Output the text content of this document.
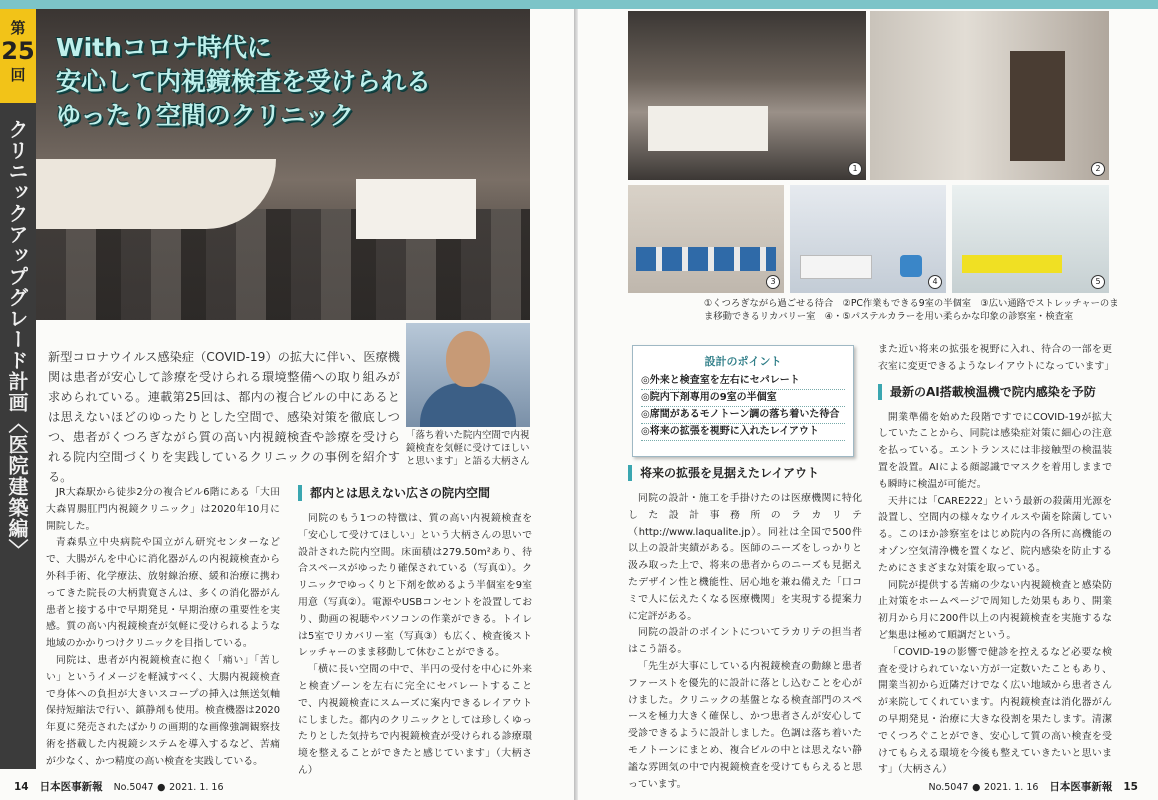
第
25
回
クリニックアップグレード計画〈医院建築編〉
Withコロナ時代に
安心して内視鏡検査を受けられる
ゆったり空間のクリニック
「落ち着いた院内空間で内視鏡検査を気軽に受けてほしいと思います」と語る大柄さん
新型コロナウイルス感染症（COVID-19）の拡大に伴い、医療機関は患者が安心して診療を受けられる環境整備への取り組みが求められている。連載第25回は、都内の複合ビルの中にあるとは思えないほどのゆったりとした空間で、感染対策を徹底しつつ、患者がくつろぎながら質の高い内視鏡検査や診療を受けられる院内空間づくりを実践しているクリニックの事例を紹介する。

JR大森駅から徒歩2分の複合ビル6階にある「大田大森胃腸肛門内視鏡クリニック」は2020年10月に開院した。

青森県立中央病院や国立がん研究センターなどで、大腸がんを中心に消化器がんの内視鏡検査から外科手術、化学療法、放射線治療、緩和治療に携わってきた院長の大柄貴寛さんは、多くの消化器がん患者と接する中で早期発見・早期治療の重要性を実感。質の高い内視鏡検査が気軽に受けられるような地域のかかりつけクリニックを目指している。

同院は、患者が内視鏡検査に抱く「痛い」「苦しい」というイメージを軽減すべく、大腸内視鏡検査で身体への負担が大きいスコープの挿入は無送気軸保持短縮法で行い、鎮静剤も使用。検査機器は2020年夏に発売されたばかりの画期的な画像強調観察技術を搭載した内視鏡システムを導入するなど、苦痛が少なく、かつ精度の高い検査を実践している。

都内とは思えない広さの院内空間

同院のもう1つの特徴は、質の高い内視鏡検査を「安心して受けてほしい」という大柄さんの思いで設計された院内空間。床面積は279.50m²あり、待合スペースがゆったり確保されている（写真①）。クリニックでゆっくりと下剤を飲めるよう半個室を9室用意（写真②）。電源やUSBコンセントを設置しており、動画の視聴やパソコンの作業ができる。トイレは5室でリカバリー室（写真③）も広く、検査後ストレッチャーのまま移動して休むことができる。

「横に長い空間の中で、半円の受付を中心に外来と検査ゾーンを左右に完全にセパレートすることで、内視鏡検査にスムーズに案内できるレイアウトにしました。都内のクリニックとしては珍しくゆったりとした気持ちで内視鏡検査が受けられる診療環境を整えることができたと感じています」（大柄さん）

14 日本医事新報 No.5047 ● 2021. 1. 16
1	2
3	4	5
①くつろぎながら過ごせる待合　②PC作業もできる9室の半個室　③広い通路でストレッチャーのまま移動できるリカバリー室　④・⑤パステルカラーを用い柔らかな印象の診察室・検査室
設計のポイント
◎外来と検査室を左右にセパレート
◎院内下剤専用の9室の半個室
◎席間があるモノトーン調の落ち着いた待合
◎将来の拡張を視野に入れたレイアウト
将来の拡張を見据えたレイアウト

同院の設計・施工を手掛けたのは医療機関に特化した設計事務所のラカリテ（http://www.laqualite.jp）。同社は全国で500件以上の設計実績がある。医師のニーズをしっかりと汲み取った上で、将来の患者からのニーズも見据えたデザイン性と機能性、居心地を兼ね備えた「口コミで人に伝えたくなる医療機関」を実現する提案力に定評がある。

同院の設計のポイントについてラカリテの担当者はこう語る。

「先生が大事にしている内視鏡検査の動線と患者ファーストを優先的に設計に落とし込むことを心がけました。クリニックの基盤となる検査部門のスペースを極力大きく確保し、かつ患者さんが安心して受診できるように設計しました。色調は落ち着いたモノトーンにまとめ、複合ビルの中とは思えない静謐な雰囲気の中で内視鏡検査を受けてもらえると思っています。

また近い将来の拡張を視野に入れ、待合の一部を更衣室に変更できるようなレイアウトになっています」

最新のAI搭載検温機で院内感染を予防

開業準備を始めた段階ですでにCOVID-19が拡大していたことから、同院は感染症対策に細心の注意を払っている。エントランスには非接触型の検温装置を設置。AIによる顔認識でマスクを着用しままでも瞬時に検温が可能だ。

天井には「CARE222」という最新の殺菌用光源を設置し、空間内の様々なウイルスや菌を除菌している。このほか診察室をはじめ院内の各所に高機能のオゾン空気清浄機を置くなど、院内感染を防止するためにさまざまな対策を取っている。

同院が提供する苦痛の少ない内視鏡検査と感染防止対策をホームページで周知した効果もあり、開業初月から月に200件以上の内視鏡検査を実施するなど集患は極めて順調だという。

「COVID-19の影響で健診を控えるなど必要な検査を受けられていない方が一定数いたこともあり、開業当初から近隣だけでなく広い地域から患者さんが来院してくれています。内視鏡検査は消化器がんの早期発見・治療に大きな役割を果たします。清潔でくつろぐことができ、安心して質の高い検査を受けてもらえる環境を今後も整えていきたいと思います」（大柄さん）

No.5047 ● 2021. 1. 16 日本医事新報 15
